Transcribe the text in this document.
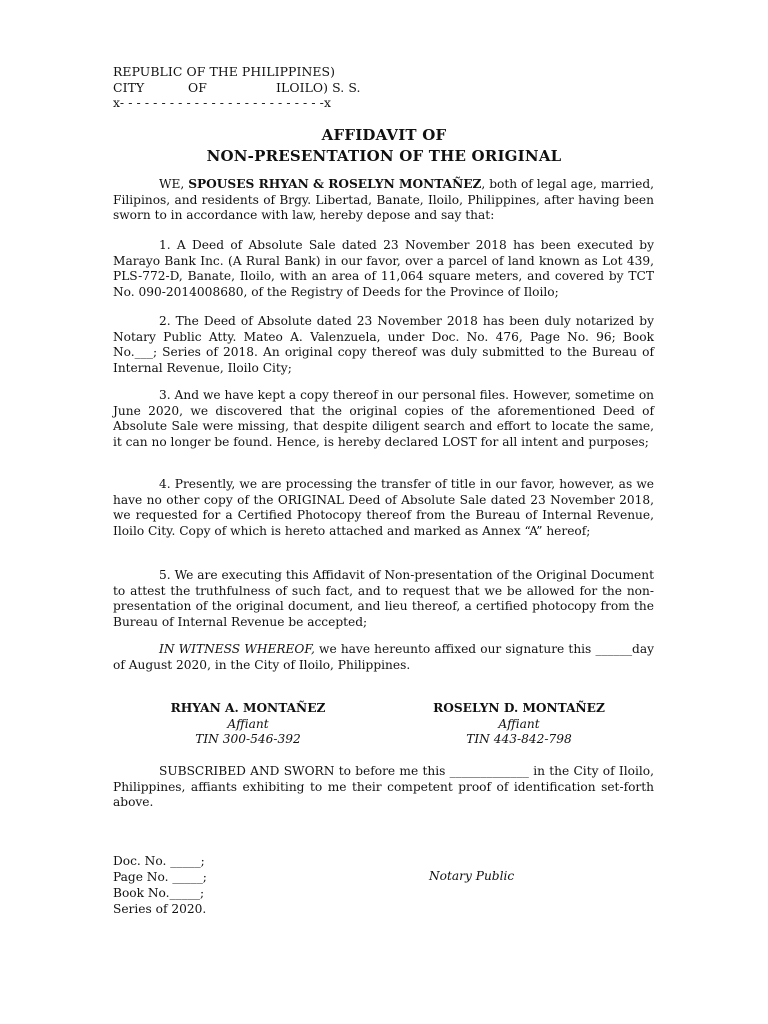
REPUBLIC OF THE PHILIPPINES)
CITY	OF	ILOILO) S. S.
x- - - - - - - - - - - - - - - - - - - - - - - - -x
AFFIDAVIT OF
NON-PRESENTATION OF THE ORIGINAL
WE, SPOUSES RHYAN & ROSELYN MONTAÑEZ, both of legal age, married, Filipinos, and residents of Brgy. Libertad, Banate, Iloilo, Philippines, after having been sworn to in accordance with law, hereby depose and say that:
1. A Deed of Absolute Sale dated 23 November 2018 has been executed by Marayo Bank Inc. (A Rural Bank) in our favor, over a parcel of land known as Lot 439, PLS-772-D, Banate, Iloilo, with an area of 11,064 square meters, and covered by TCT No. 090-2014008680, of the Registry of Deeds for the Province of Iloilo;
2. The Deed of Absolute dated 23 November 2018 has been duly notarized by Notary Public Atty. Mateo A. Valenzuela, under Doc. No. 476, Page No. 96; Book No.___; Series of 2018. An original copy thereof was duly submitted to the Bureau of Internal Revenue, Iloilo City;
3. And we have kept a copy thereof in our personal files. However, sometime on June 2020, we discovered that the original copies of the aforementioned Deed of Absolute Sale were missing, that despite diligent search and effort to locate the same, it can no longer be found. Hence, is hereby declared LOST for all intent and purposes;
4. Presently, we are processing the transfer of title in our favor, however, as we have no other copy of the ORIGINAL Deed of Absolute Sale dated 23 November 2018, we requested for a Certified Photocopy thereof from the Bureau of Internal Revenue, Iloilo City. Copy of which is hereto attached and marked as Annex “A” hereof;
5. We are executing this Affidavit of Non-presentation of the Original Document to attest the truthfulness of such fact, and to request that we be allowed for the non-presentation of the original document, and lieu thereof, a certified photocopy from the Bureau of Internal Revenue be accepted;
IN WITNESS WHEREOF, we have hereunto affixed our signature this ______day of August 2020, in the City of Iloilo, Philippines.
RHYAN A. MONTAÑEZ
Affiant
TIN 300-546-392
ROSELYN D. MONTAÑEZ
Affiant
TIN 443-842-798
SUBSCRIBED AND SWORN to before me this _____________ in the City of Iloilo, Philippines, affiants exhibiting to me their competent proof of identification set-forth above.
Doc. No. _____;
Page No. _____;
Book No._____;
Series of 2020.
Notary Public
